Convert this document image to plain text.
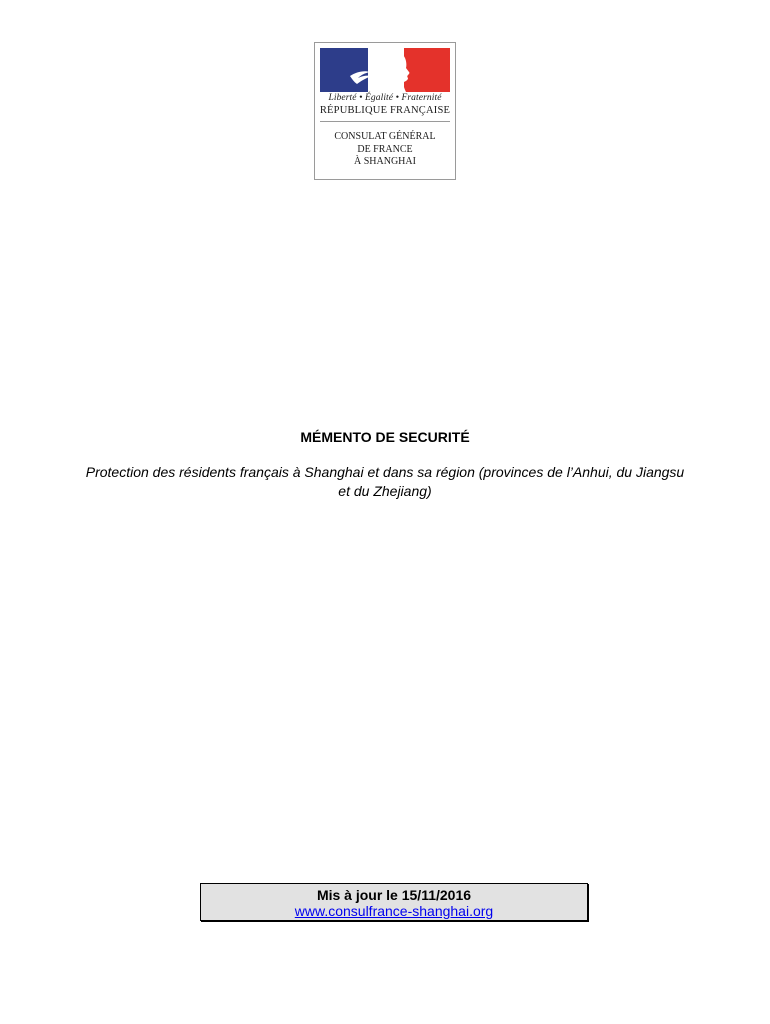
Liberté • Égalité • Fraternité
RÉPUBLIQUE FRANÇAISE
CONSULAT GÉNÉRAL
DE FRANCE
À SHANGHAI
MÉMENTO DE SECURITÉ
Protection des résidents français à Shanghai et dans sa région (provinces de l’Anhui, du Jiangsu et du Zhejiang)
Mis à jour le 15/11/2016
www.consulfrance-shanghai.org
